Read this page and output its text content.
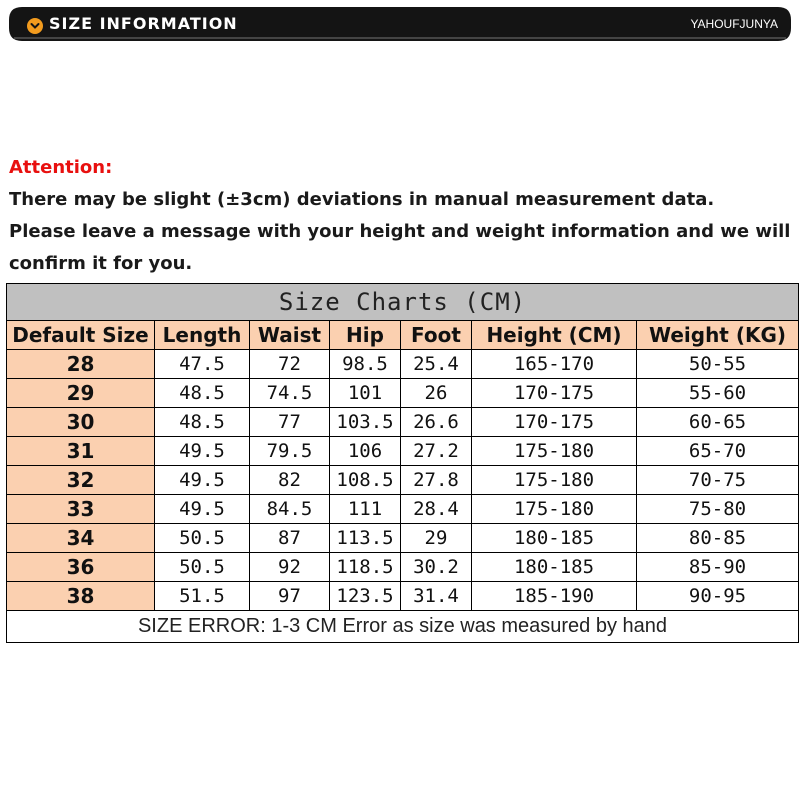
SIZE INFORMATION	YAHOUFJUNYA
Attention:
There may be slight (±3cm) deviations in manual measurement data.
Please leave a message with your height and weight information and we will
confirm it for you.
Size Charts (CM)						
Default Size	Length	Waist	Hip	Foot	Height (CM)	Weight (KG)
28	47.5	72	98.5	25.4	165-170	50-55
29	48.5	74.5	101	26	170-175	55-60
30	48.5	77	103.5	26.6	170-175	60-65
31	49.5	79.5	106	27.2	175-180	65-70
32	49.5	82	108.5	27.8	175-180	70-75
33	49.5	84.5	111	28.4	175-180	75-80
34	50.5	87	113.5	29	180-185	80-85
36	50.5	92	118.5	30.2	180-185	85-90
38	51.5	97	123.5	31.4	185-190	90-95
SIZE ERROR: 1-3 CM Error as size was measured by hand						
